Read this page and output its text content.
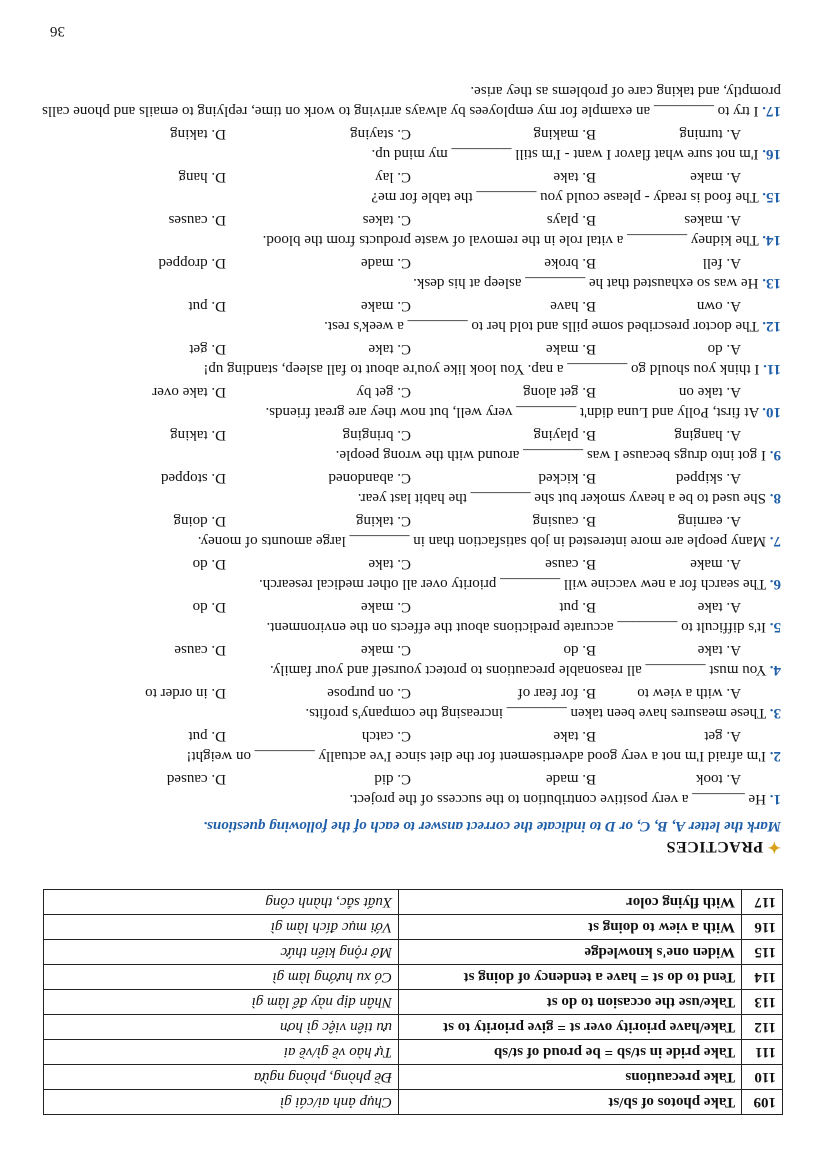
109	Take photos of sb/st	Chụp ảnh ai/cái gì
110	Take precautions	Đề phòng, phòng ngừa
111	Take pride in st/sb = be proud of st/sb	Tự hào về gì/về ai
112	Take/have priority over st = give priority to st	ưu tiên việc gì hơn
113	Take/use the occasion to do st	Nhân dịp này để làm gì
114	Tend to do st = have a tendency of doing st	Có xu hướng làm gì
115	Widen one's knowledge	Mở rộng kiến thức
116	With a view to doing st	Với mục đích làm gì
117	With flying color	Xuất sắc, thành công
✦PRACTICES
Mark the letter A, B, C, or D to indicate the correct answer to each of the following questions.
1. He _______ a very positive contribution to the success of the project.
A. took
B. made
C. did
D. caused
2. I'm afraid I'm not a very good advertisement for the diet since I've actually ________ on weight!
A. get
B. take
C. catch
D. put
3. These measures have been taken ________ increasing the company's profits.
A. with a view to
B. for fear of
C. on purpose
D. in order to
4. You must ________ all reasonable precautions to protect yourself and your family.
A. take
B. do
C. make
D. cause
5. It's difficult to ________ accurate predictions about the effects on the environment.
A. take
B. put
C. make
D. do
6. The search for a new vaccine will ________ priority over all other medical research.
A. make
B. cause
C. take
D. do
7. Many people are more interested in job satisfaction than in ________ large amounts of money.
A. earning
B. causing
C. taking
D. doing
8. She used to be a heavy smoker but she ________ the habit last year.
A. skipped
B. kicked
C. abandoned
D. stopped
9. I got into drugs because I was ________ around with the wrong people.
A. hanging
B. playing
C. bringing
D. taking
10. At first, Polly and Luna didn't ________ very well, but now they are great friends.
A. take on
B. get along
C. get by
D. take over
11. I think you should go ________ a nap. You look like you're about to fall asleep, standing up!
A. do
B. make
C. take
D. get
12. The doctor prescribed some pills and told her to ________ a week's rest.
A. own
B. have
C. make
D. put
13. He was so exhausted that he ________ asleep at his desk.
A. fell
B. broke
C. made
D. dropped
14. The kidney ________ a vital role in the removal of waste products from the blood.
A. makes
B. plays
C. takes
D. causes
15. The food is ready - please could you ________ the table for me?
A. make
B. take
C. lay
D. hang
16. I'm not sure what flavor I want - I'm still ________ my mind up.
A. turning
B. making
C. staying
D. taking
17. I try to ________ an example for my employees by always arriving to work on time, replying to emails and phone calls promptly, and taking care of problems as they arise.
36
